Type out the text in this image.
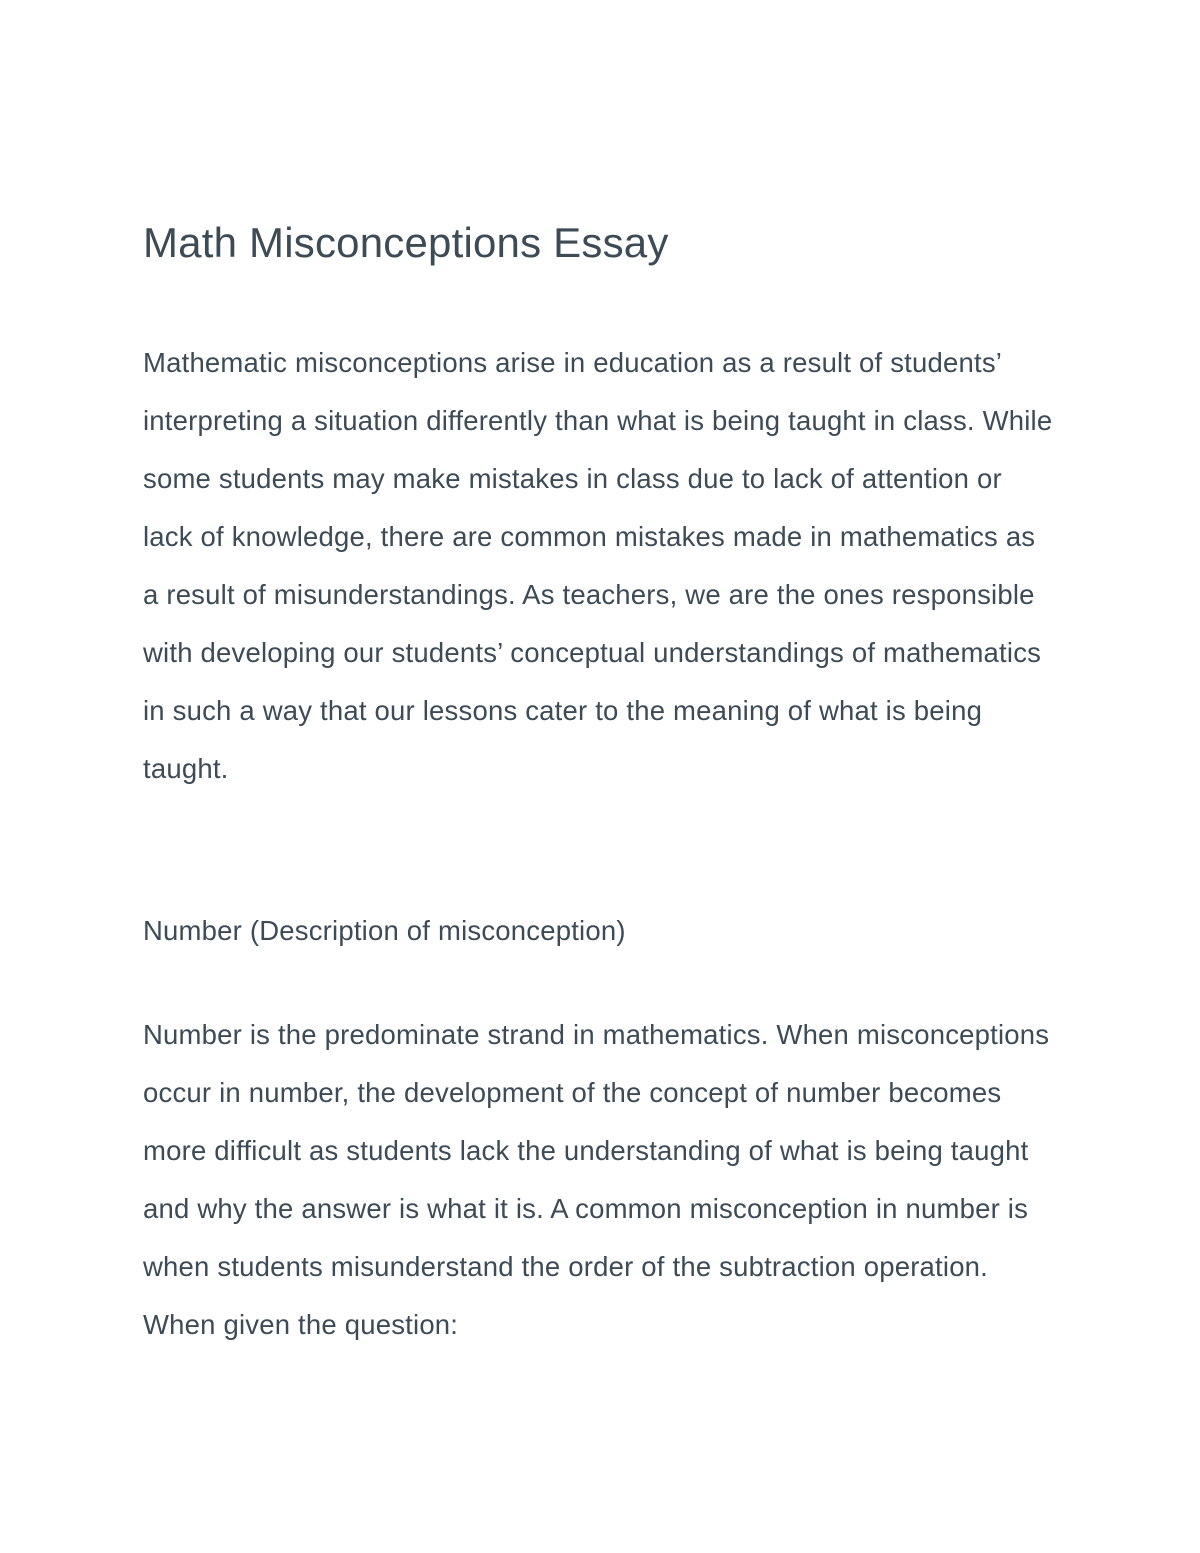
Math Misconceptions Essay

Mathematic misconceptions arise in education as a result of students’ interpreting a situation differently than what is being taught in class. While some students may make mistakes in class due to lack of attention or lack of knowledge, there are common mistakes made in mathematics as a result of misunderstandings. As teachers, we are the ones responsible with developing our students’ conceptual understandings of mathematics in such a way that our lessons cater to the meaning of what is being taught.

Number (Description of misconception)

Number is the predominate strand in mathematics. When misconceptions occur in number, the development of the concept of number becomes more difficult as students lack the understanding of what is being taught and why the answer is what it is. A common misconception in number is when students misunderstand the order of the subtraction operation. When given the question:
